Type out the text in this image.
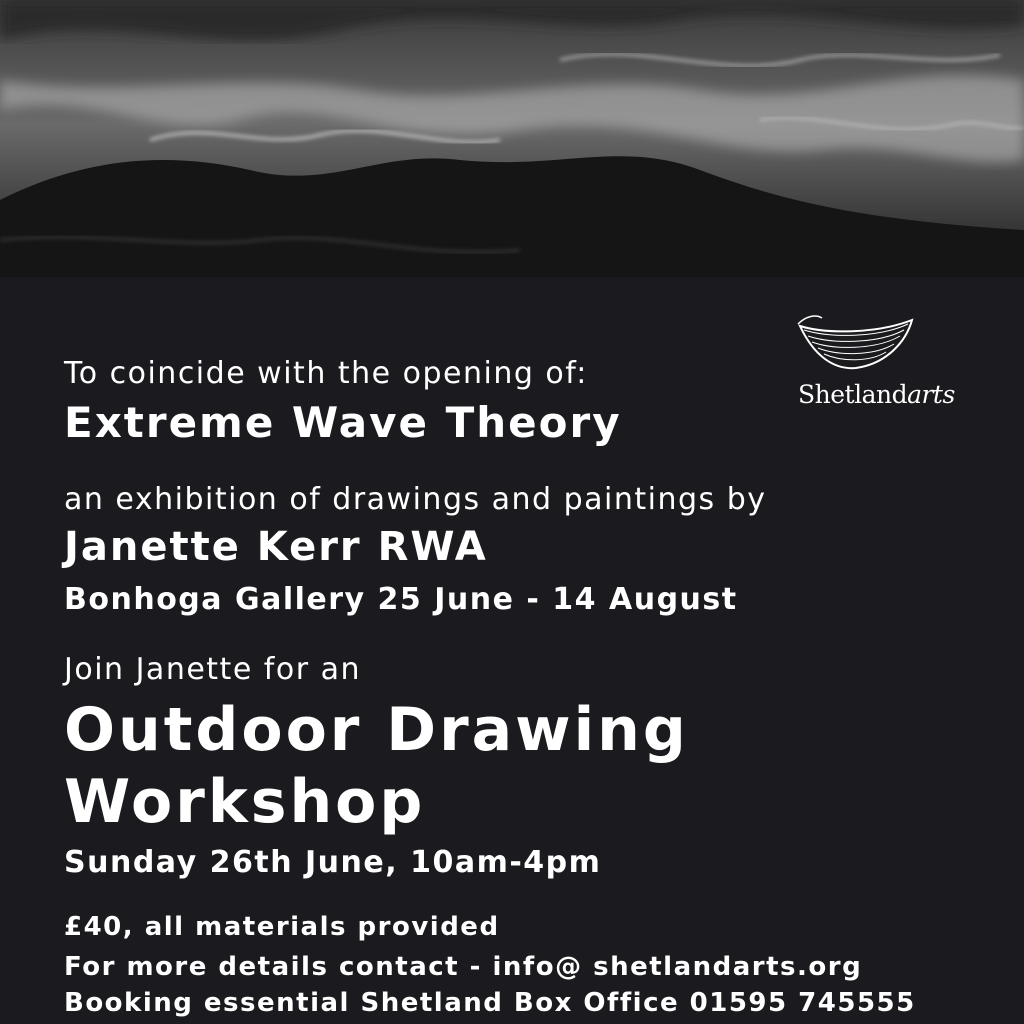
Shetlandarts
To coincide with the opening of:
Extreme Wave Theory
an exhibition of drawings and paintings by
Janette Kerr RWA
Bonhoga Gallery 25 June - 14 August
Join Janette for an
Outdoor Drawing
Workshop
Sunday 26th June, 10am-4pm
£40, all materials provided
For more details contact - info@ shetlandarts.org
Booking essential Shetland Box Office 01595 745555
